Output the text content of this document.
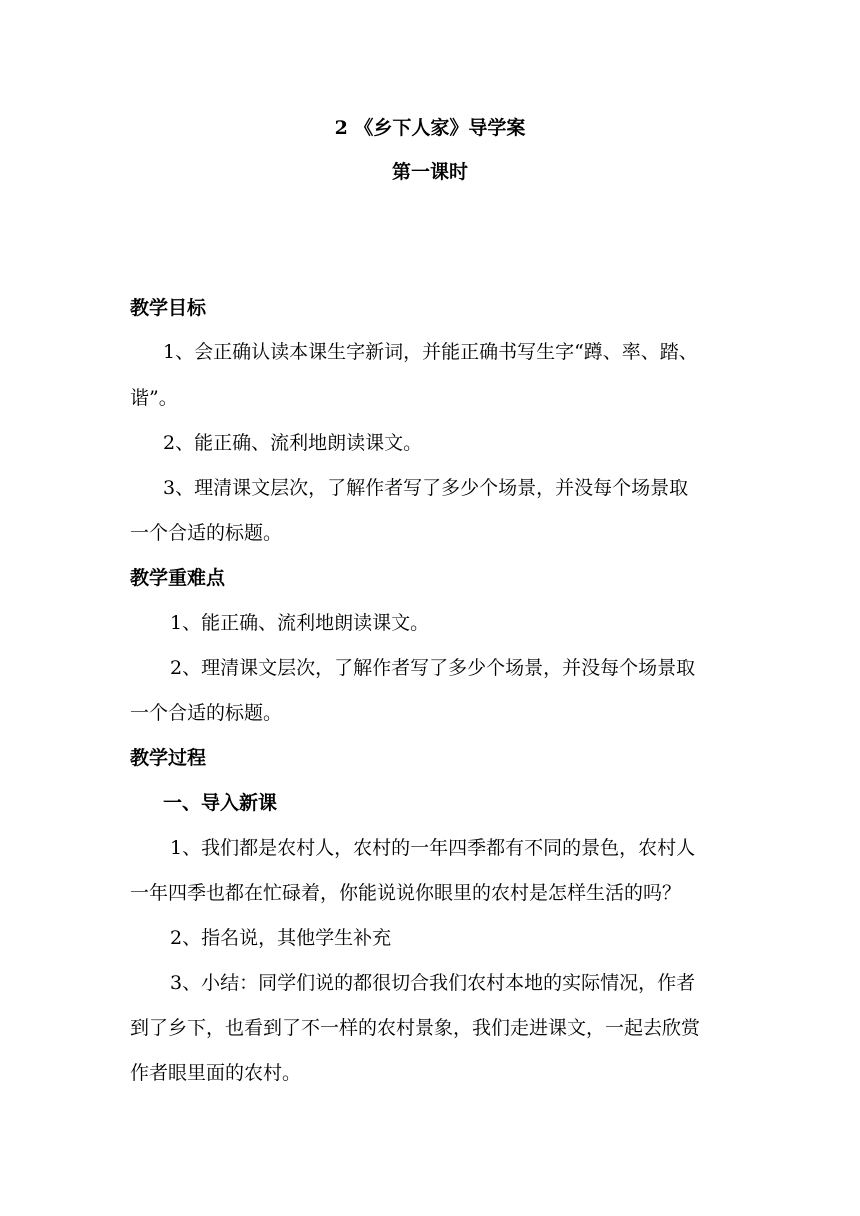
2 《乡下人家》导学案
第一课时
教学目标
1、会正确认读本课生字新词，并能正确书写生字“蹲、率、踏、
谐”。
2、能正确、流利地朗读课文。
3、理清课文层次，了解作者写了多少个场景，并没每个场景取
一个合适的标题。
教学重难点
1、能正确、流利地朗读课文。
2、理清课文层次，了解作者写了多少个场景，并没每个场景取
一个合适的标题。
教学过程
一、导入新课
1、我们都是农村人，农村的一年四季都有不同的景色，农村人
一年四季也都在忙碌着，你能说说你眼里的农村是怎样生活的吗？
2、指名说，其他学生补充
3、小结：同学们说的都很切合我们农村本地的实际情况，作者
到了乡下，也看到了不一样的农村景象，我们走进课文，一起去欣赏
作者眼里面的农村。
